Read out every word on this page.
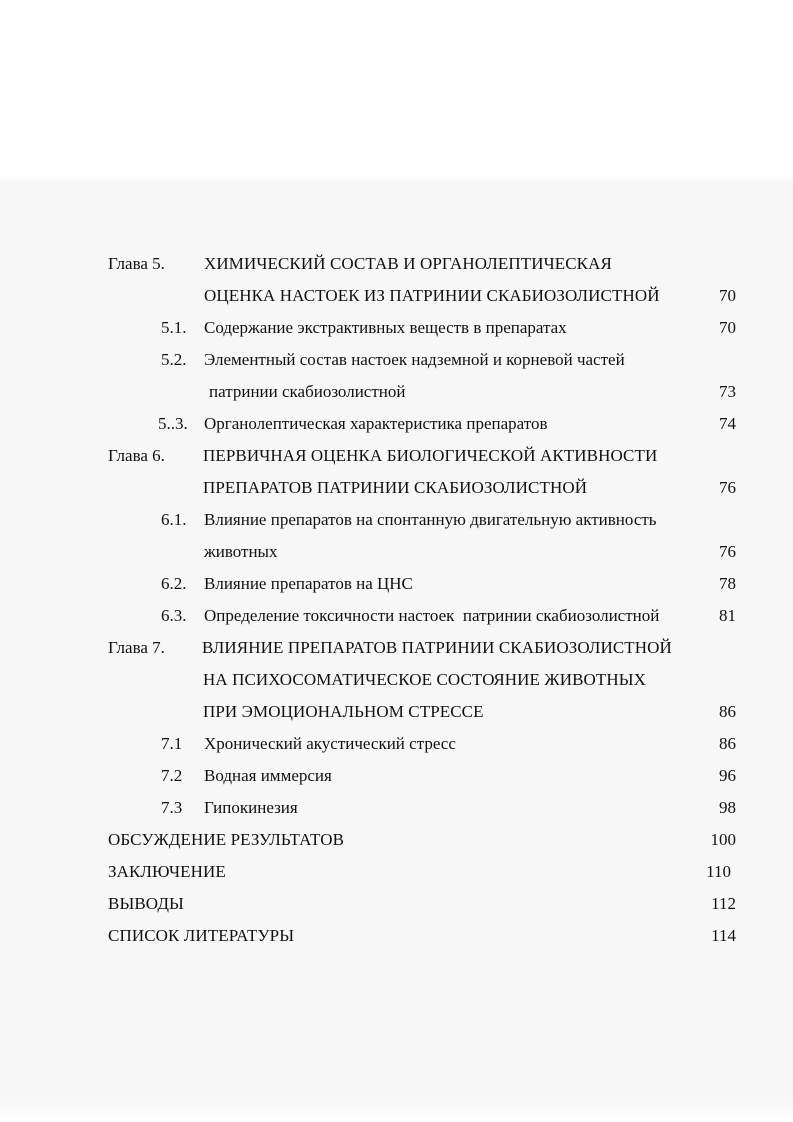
Глава 5. ХИМИЧЕСКИЙ СОСТАВ И ОРГАНОЛЕПТИЧЕСКАЯ
ОЦЕНКА НАСТОЕК ИЗ ПАТРИНИИ СКАБИОЗОЛИСТНОЙ	70
5.1. Содержание экстрактивных веществ в препаратах	70
5.2. Элементный состав настоек надземной и корневой частей
патринии скабиозолистной	73
5..3. Органолептическая характеристика препаратов	74
Глава 6. ПЕРВИЧНАЯ ОЦЕНКА БИОЛОГИЧЕСКОЙ АКТИВНОСТИ
ПРЕПАРАТОВ ПАТРИНИИ СКАБИОЗОЛИСТНОЙ	76
6.1. Влияние препаратов на спонтанную двигательную активность
животных	76
6.2. Влияние препаратов на ЦНС	78
6.3. Определение токсичности настоек  патринии скабиозолистной	81
Глава 7. ВЛИЯНИЕ ПРЕПАРАТОВ ПАТРИНИИ СКАБИОЗОЛИСТНОЙ
НА ПСИХОСОМАТИЧЕСКОЕ СОСТОЯНИЕ ЖИВОТНЫХ
ПРИ ЭМОЦИОНАЛЬНОМ СТРЕССЕ	86
7.1 Хронический акустический стресс	86
7.2 Водная иммерсия	96
7.3 Гипокинезия	98
ОБСУЖДЕНИЕ РЕЗУЛЬТАТОВ	100
ЗАКЛЮЧЕНИЕ	110
ВЫВОДЫ	112
СПИСОК ЛИТЕРАТУРЫ	114
